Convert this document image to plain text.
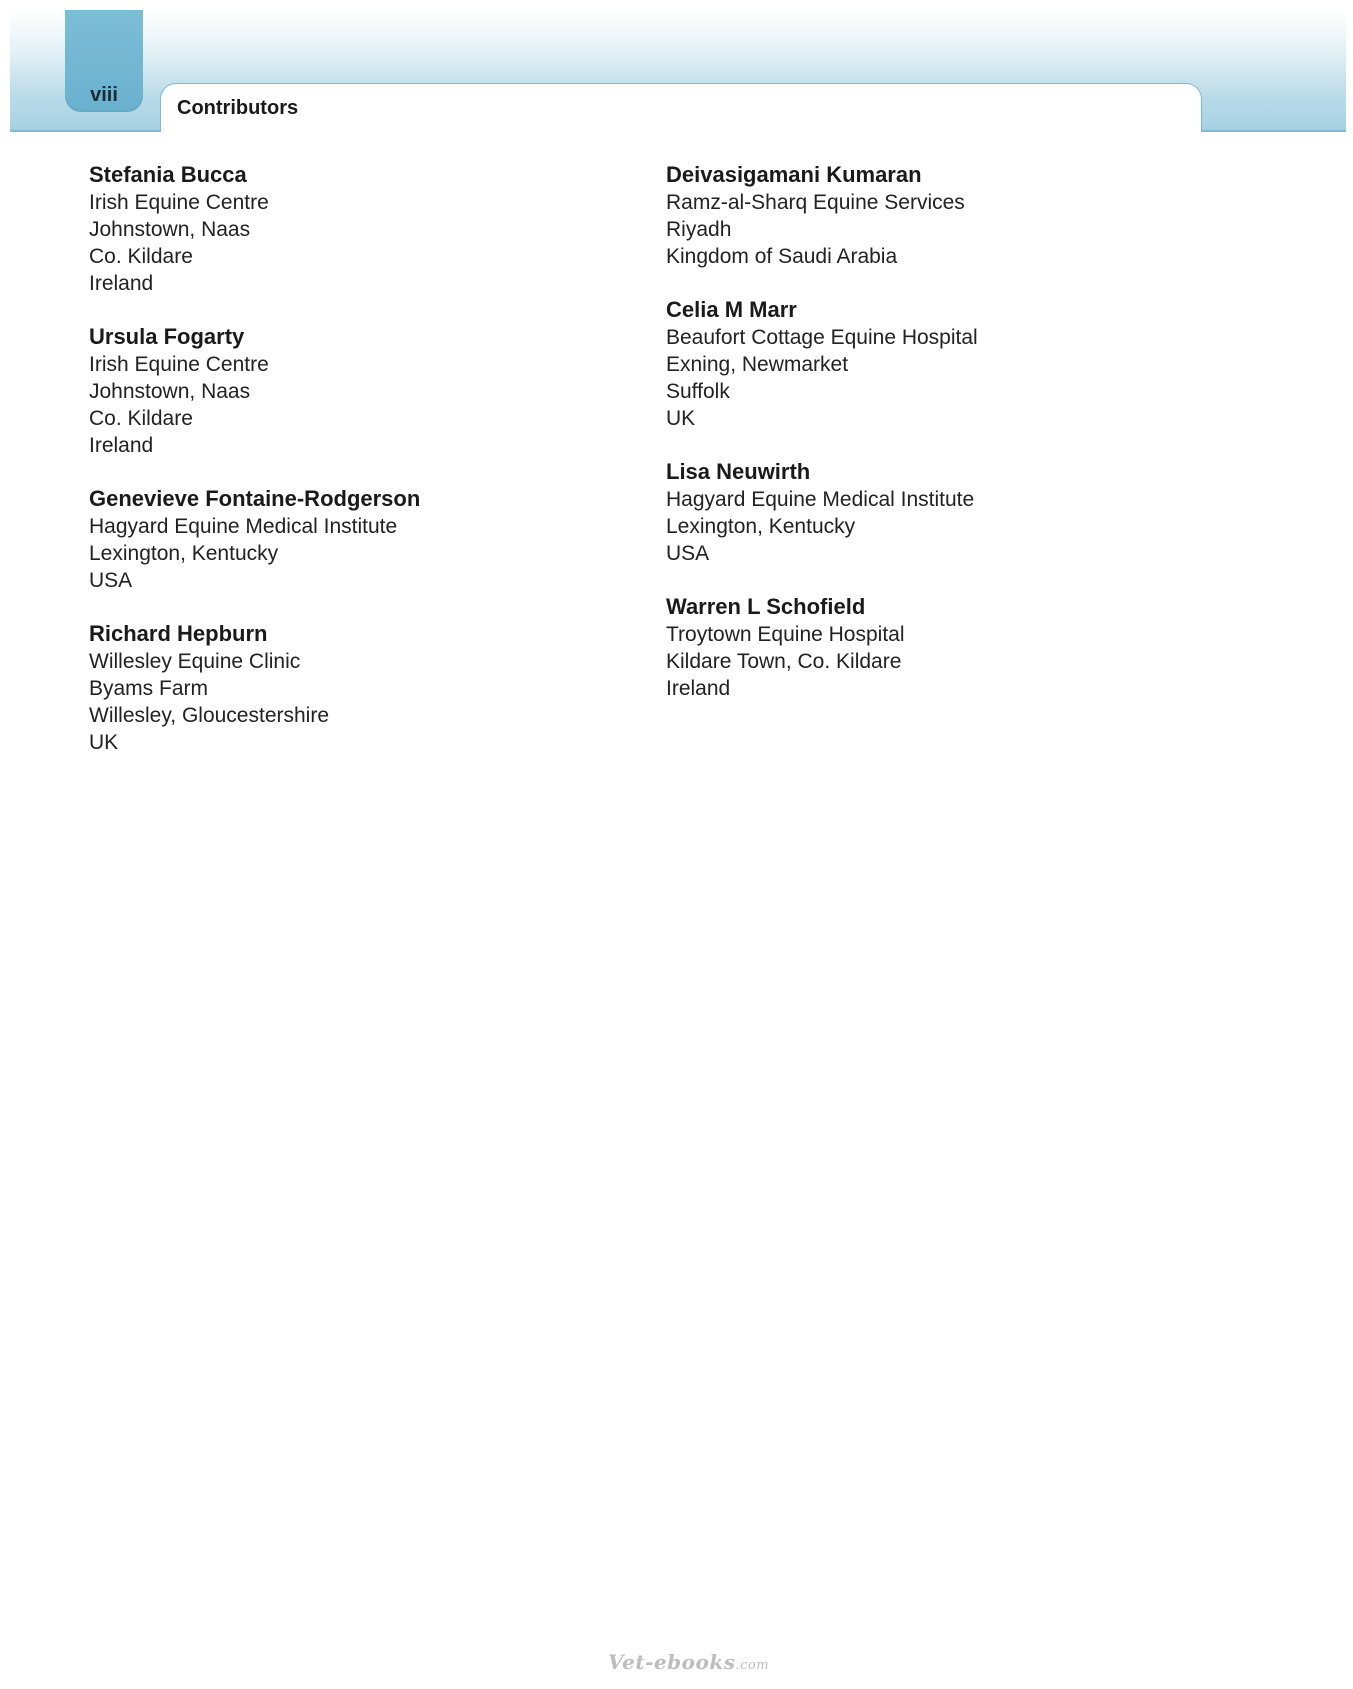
viii
Contributors
Stefania Bucca
Irish Equine Centre
Johnstown, Naas
Co. Kildare
Ireland
Ursula Fogarty
Irish Equine Centre
Johnstown, Naas
Co. Kildare
Ireland
Genevieve Fontaine-Rodgerson
Hagyard Equine Medical Institute
Lexington, Kentucky
USA
Richard Hepburn
Willesley Equine Clinic
Byams Farm
Willesley, Gloucestershire
UK
Deivasigamani Kumaran
Ramz-al-Sharq Equine Services
Riyadh
Kingdom of Saudi Arabia
Celia M Marr
Beaufort Cottage Equine Hospital
Exning, Newmarket
Suffolk
UK
Lisa Neuwirth
Hagyard Equine Medical Institute
Lexington, Kentucky
USA
Warren L Schofield
Troytown Equine Hospital
Kildare Town, Co. Kildare
Ireland
Vet-ebooks.com
